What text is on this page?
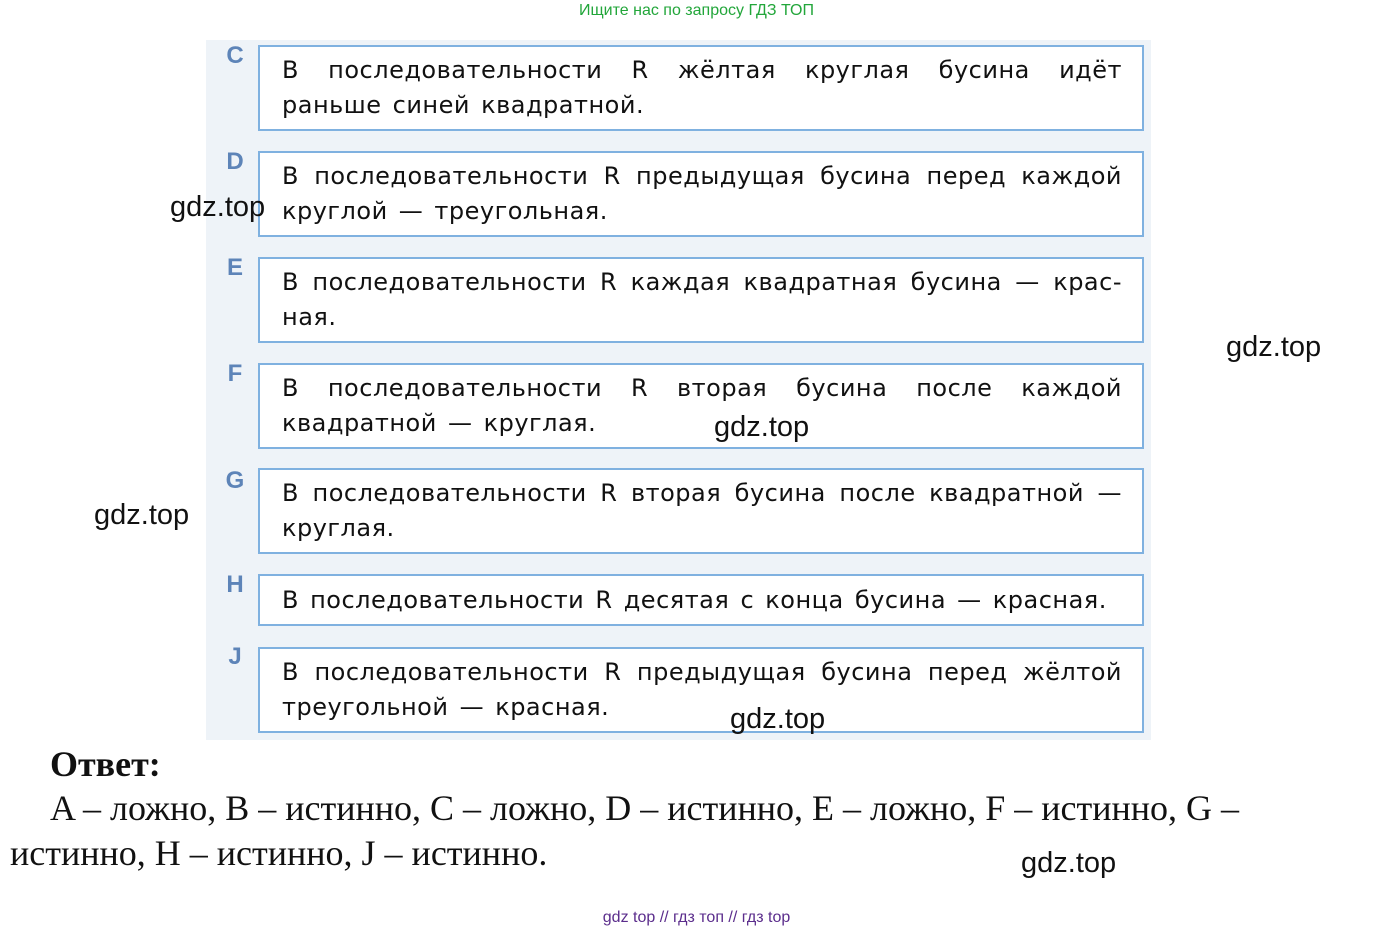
Ищите нас по запросу ГДЗ ТОП
C
В последовательности R жёлтая круглая бусина идёт раньше синей квадратной.
D
В последовательности R предыдущая бусина перед каждой круглой — треугольная.
E
В последовательности R каждая квадратная бусина — крас-ная.
F
В последовательности R вторая бусина после каждой квадратной — круглая.
G В последовательности R вторая бусина после квадратной — круглая.
H
В последовательности R десятая с конца бусина — красная.
J
В последовательности R предыдущая бусина перед жёлтой треугольной — красная.
gdz.top
gdz.top
gdz.top
gdz.top
gdz.top
gdz.top
Ответ:
A – ложно, B – истинно, C – ложно, D – истинно, E – ложно, F – истинно, G – истинно, H – истинно, J – истинно.
gdz top // гдз топ // гдз top
